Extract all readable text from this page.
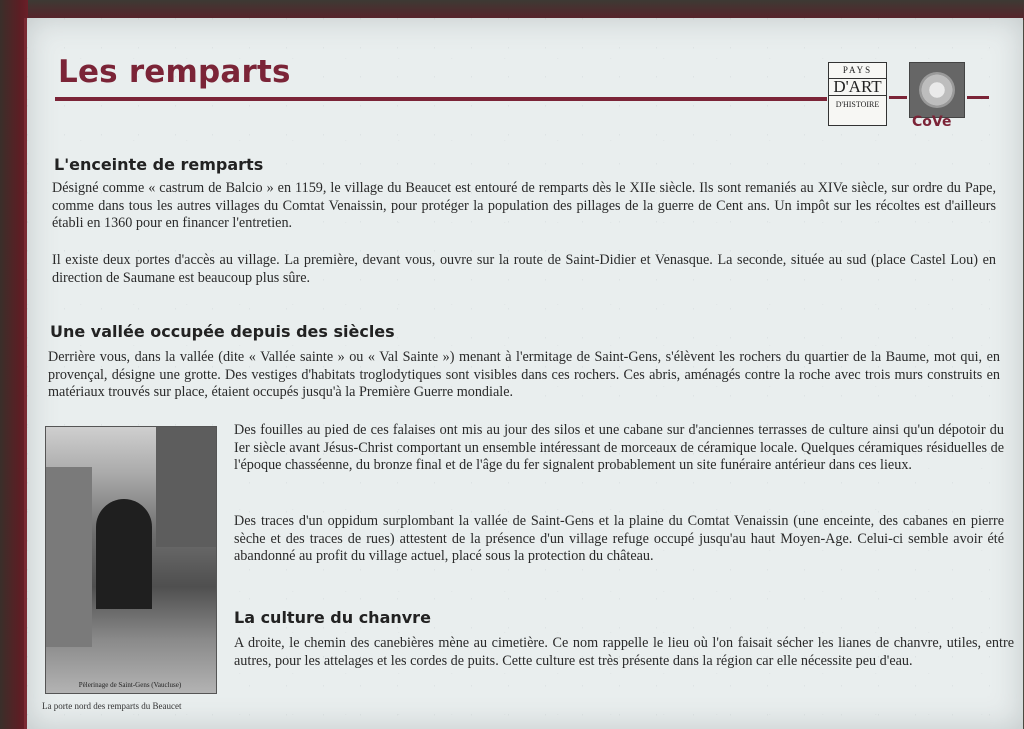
Les remparts	PAYS
D'ART
D'HISTOIRE
CoVe
L'enceinte de remparts

Désigné comme « castrum de Balcio » en 1159, le village du Beaucet est entouré de remparts dès le XIIe siècle. Ils sont remaniés au XIVe siècle, sur ordre du Pape, comme dans tous les autres villages du Comtat Venaissin, pour protéger la population des pillages de la guerre de Cent ans. Un impôt sur les récoltes est d'ailleurs établi en 1360 pour en financer l'entretien.

Il existe deux portes d'accès au village. La première, devant vous, ouvre sur la route de Saint-Didier et Venasque. La seconde, située au sud (place Castel Lou) en direction de Saumane est beaucoup plus sûre.

Une vallée occupée depuis des siècles

Derrière vous, dans la vallée (dite « Vallée sainte » ou « Val Sainte ») menant à l'ermitage de Saint-Gens, s'élèvent les rochers du quartier de la Baume, mot qui, en provençal, désigne une grotte. Des vestiges d'habitats troglodytiques sont visibles dans ces rochers. Ces abris, aménagés contre la roche avec trois murs construits en matériaux trouvés sur place, étaient occupés jusqu'à la Première Guerre mondiale.

Pèlerinage de Saint-Gens (Vaucluse)

La porte nord des remparts du Beaucet

Des fouilles au pied de ces falaises ont mis au jour des silos et une cabane sur d'anciennes terrasses de culture ainsi qu'un dépotoir du Ier siècle avant Jésus-Christ comportant un ensemble intéressant de morceaux de céramique locale. Quelques céramiques résiduelles de l'époque chasséenne, du bronze final et de l'âge du fer signalent probablement un site funéraire antérieur dans ces lieux.

Des traces d'un oppidum surplombant la vallée de Saint-Gens et la plaine du Comtat Venaissin (une enceinte, des cabanes en pierre sèche et des traces de rues) attestent de la présence d'un village refuge occupé jusqu'au haut Moyen-Age. Celui-ci semble avoir été abandonné au profit du village actuel, placé sous la protection du château.

La culture du chanvre

A droite, le chemin des canebières mène au cimetière. Ce nom rappelle le lieu où l'on faisait sécher les lianes de chanvre, utiles, entre autres, pour les attelages et les cordes de puits. Cette culture est très présente dans la région car elle nécessite peu d'eau.
